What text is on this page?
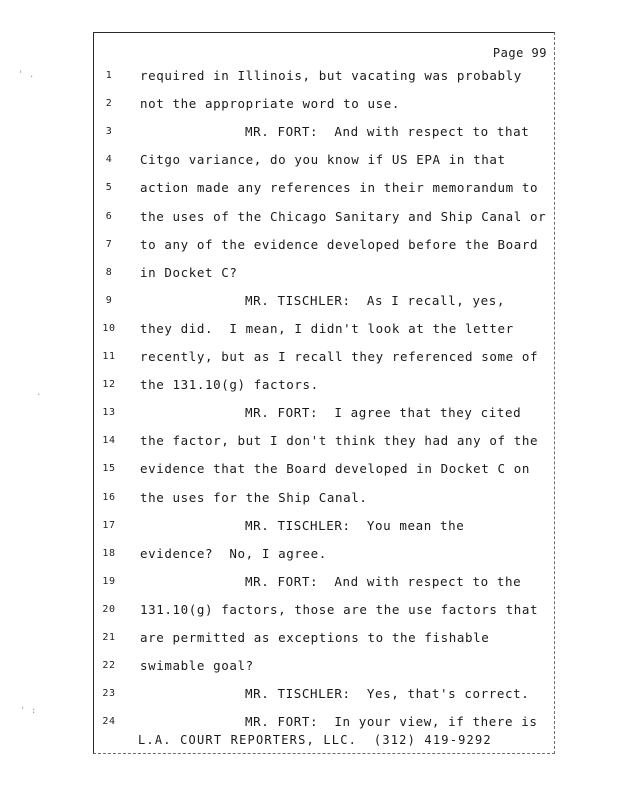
Page 99
1	required in Illinois, but vacating was probably
2	not the appropriate word to use.
3	MR. FORT:  And with respect to that
4	Citgo variance, do you know if US EPA in that
5	action made any references in their memorandum to
6	the uses of the Chicago Sanitary and Ship Canal or
7	to any of the evidence developed before the Board
8	in Docket C?
9	MR. TISCHLER:  As I recall, yes,
10 they did.  I mean, I didn't look at the letter
11 recently, but as I recall they referenced some of
12 the 131.10(g) factors.
13	MR. FORT:  I agree that they cited
14 the factor, but I don't think they had any of the
15 evidence that the Board developed in Docket C on
16 the uses for the Ship Canal.
17	MR. TISCHLER:  You mean the
18 evidence?  No, I agree.
19	MR. FORT:  And with respect to the
20 131.10(g) factors, those are the use factors that
21 are permitted as exceptions to the fishable
22 swimable goal?
23	MR. TISCHLER:  Yes, that's correct.
24	MR. FORT:  In your view, if there is
L.A. COURT REPORTERS, LLC.  (312) 419-9292
' .
.
' :
